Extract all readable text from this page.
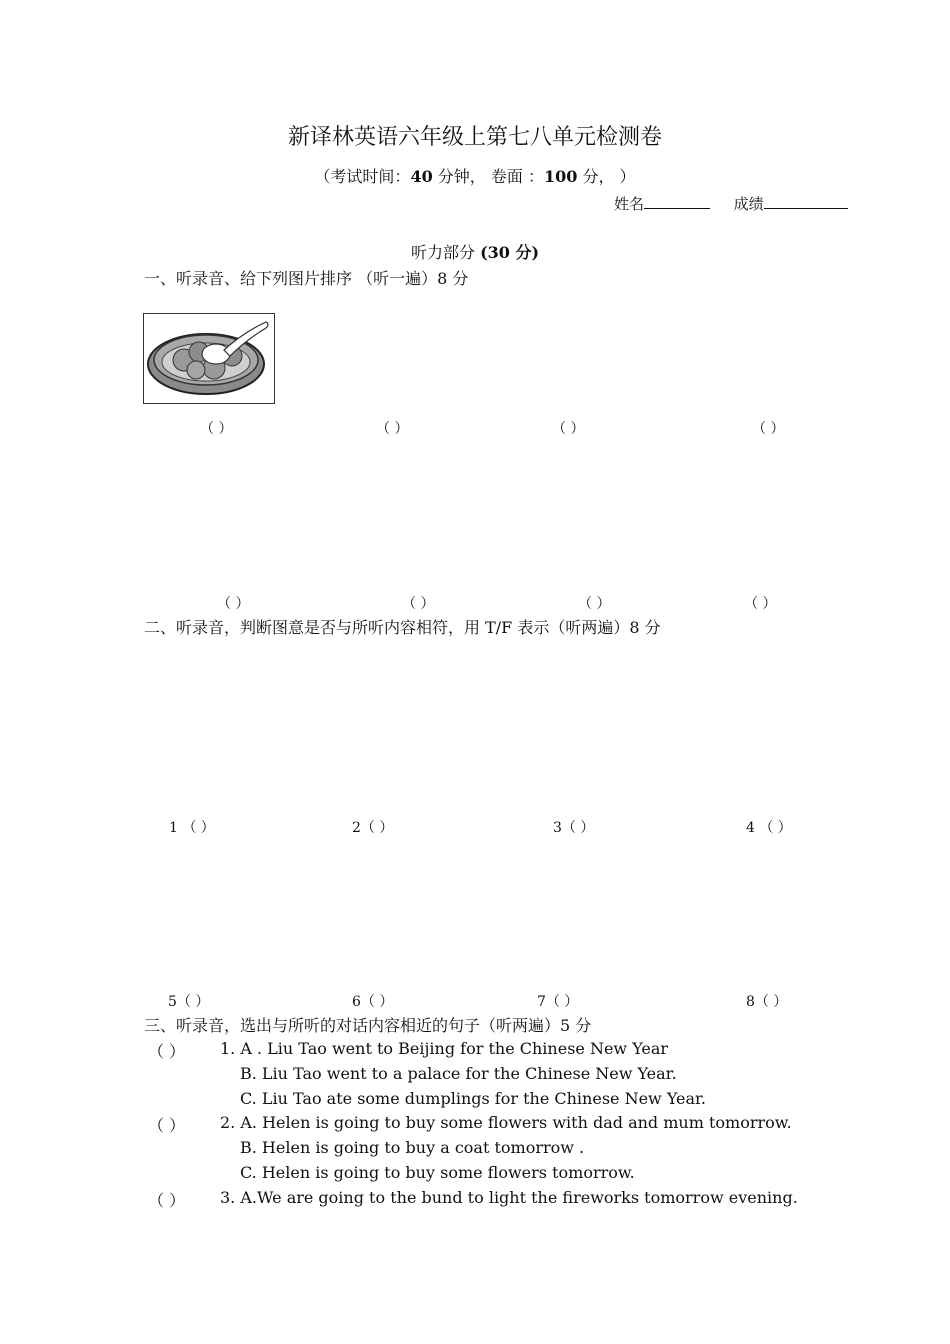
新译林英语六年级上第七八单元检测卷
（考试时间：40 分钟， 卷面 ：100 分， ）
姓名	成绩
听力部分 (30 分)
一、听录音、给下列图片排序 （听一遍）8 分
（ ）	（ ）	（ ）	（ ）
（ ）	（ ）	（ ）	（ ）
二、听录音，判断图意是否与所听内容相符，用 T/F 表示（听两遍）8 分
1 （ ）	2（ ）	3（ ）	4 （ ）
5（ ）	6（ ）	7（ ）	8（ ）
三、听录音，选出与所听的对话内容相近的句子（听两遍）5 分
（ ） 1. A . Liu Tao went to Beijing for the Chinese New Year
B. Liu Tao went to a palace for the Chinese New Year.
C. Liu Tao ate some dumplings for the Chinese New Year.
（ ） 2. A. Helen is going to buy some flowers with dad and mum tomorrow.
B. Helen is going to buy a coat tomorrow .
C. Helen is going to buy some flowers tomorrow.
（ ） 3. A.We are going to the bund to light the fireworks tomorrow evening.
